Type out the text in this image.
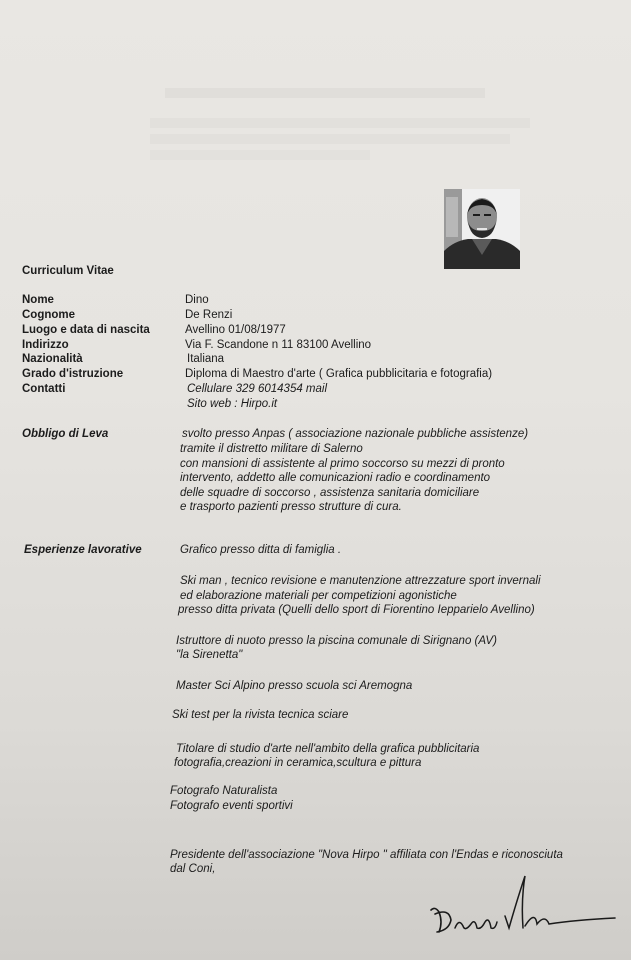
Curriculum Vitae
Nome
Cognome
Luogo e data di nascita
Indirizzo
Nazionalità
Grado d'istruzione
Contatti
Dino
De Renzi
Avellino 01/08/1977
Via F. Scandone n 11 83100 Avellino
Italiana
Diploma di Maestro d'arte ( Grafica pubblicitaria e fotografia)
Cellulare 329 6014354 mail
Sito web : Hirpo.it
Obbligo di Leva	svolto presso Anpas ( associazione nazionale pubbliche assistenze)
tramite il distretto militare di Salerno
con mansioni di assistente al primo soccorso su mezzi di pronto
intervento, addetto alle comunicazioni radio e coordinamento
delle squadre di soccorso , assistenza sanitaria domiciliare
e trasporto pazienti presso strutture di cura.
Esperienze lavorative	Grafico presso ditta di famiglia .
Ski man , tecnico revisione e manutenzione attrezzature sport invernali
ed elaborazione materiali per competizioni agonistiche
presso ditta privata (Quelli dello sport di Fiorentino Iepparielo Avellino)
Istruttore di nuoto presso la piscina comunale di Sirignano (AV)
"la Sirenetta"
Master Sci Alpino presso scuola sci Aremogna
Ski test per la rivista tecnica sciare
Titolare di studio d'arte nell'ambito della grafica pubblicitaria
fotografia,creazioni in ceramica,scultura e pittura
Fotografo Naturalista
Fotografo eventi sportivi
Presidente dell'associazione "Nova Hirpo " affiliata con l'Endas e riconosciuta
dal Coni,
